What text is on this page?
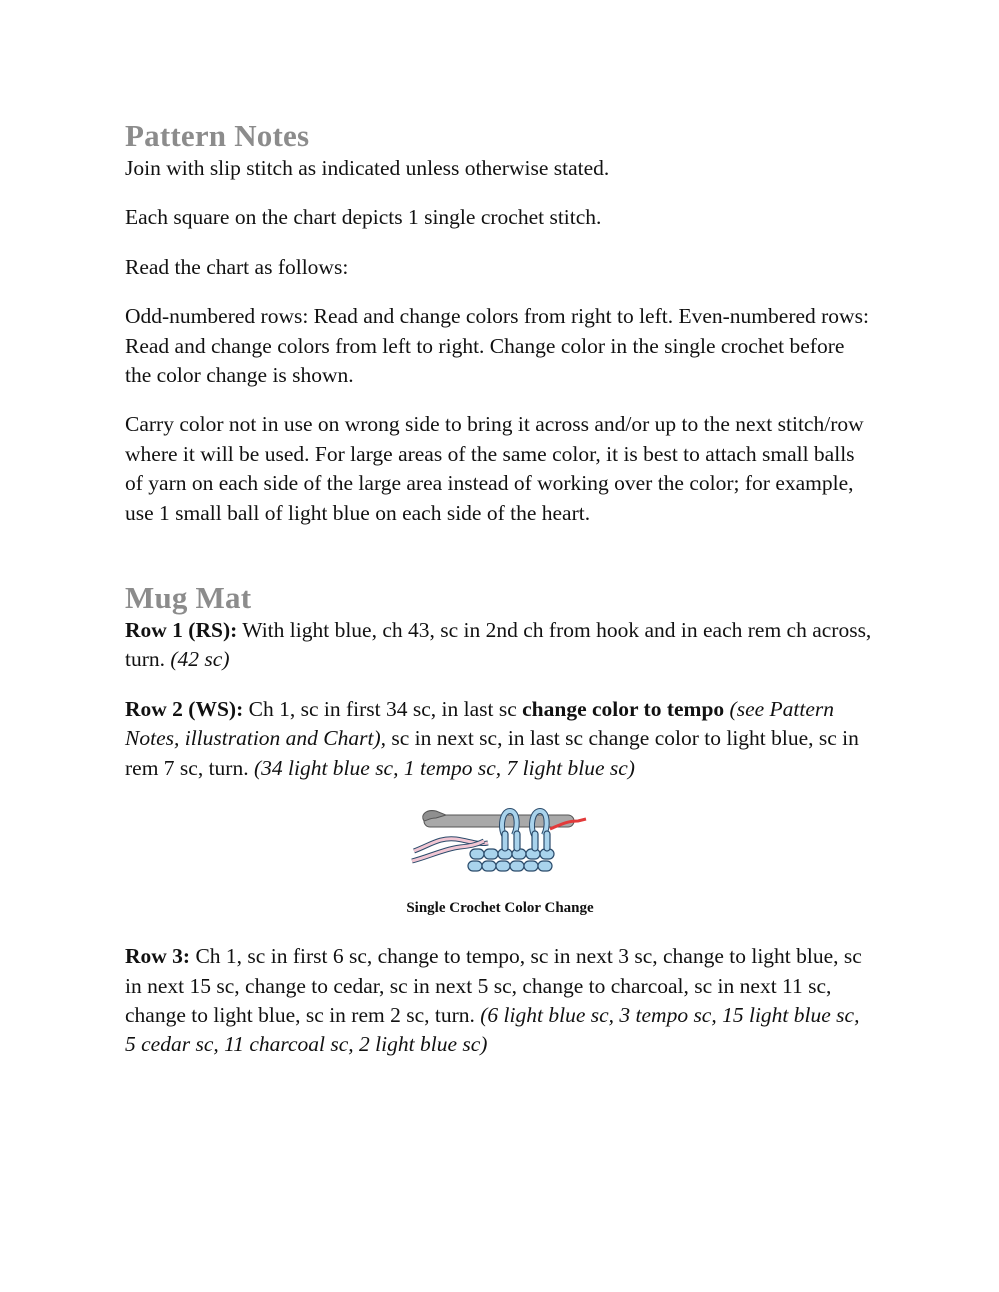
Pattern Notes

Join with slip stitch as indicated unless otherwise stated.

Each square on the chart depicts 1 single crochet stitch.

Read the chart as follows:

Odd-numbered rows: Read and change colors from right to left. Even-numbered rows: Read and change colors from left to right. Change color in the single crochet before the color change is shown.

Carry color not in use on wrong side to bring it across and/or up to the next stitch/row where it will be used. For large areas of the same color, it is best to attach small balls of yarn on each side of the large area instead of working over the color; for example, use 1 small ball of light blue on each side of the heart.

Mug Mat

Row 1 (RS): With light blue, ch 43, sc in 2nd ch from hook and in each rem ch across, turn. (42 sc)

Row 2 (WS): Ch 1, sc in first 34 sc, in last sc change color to tempo (see Pattern Notes, illustration and Chart), sc in next sc, in last sc change color to light blue, sc in rem 7 sc, turn. (34 light blue sc, 1 tempo sc, 7 light blue sc)

Single Crochet Color Change

Row 3: Ch 1, sc in first 6 sc, change to tempo, sc in next 3 sc, change to light blue, sc in next 15 sc, change to cedar, sc in next 5 sc, change to charcoal, sc in next 11 sc, change to light blue, sc in rem 2 sc, turn. (6 light blue sc, 3 tempo sc, 15 light blue sc, 5 cedar sc, 11 charcoal sc, 2 light blue sc)
